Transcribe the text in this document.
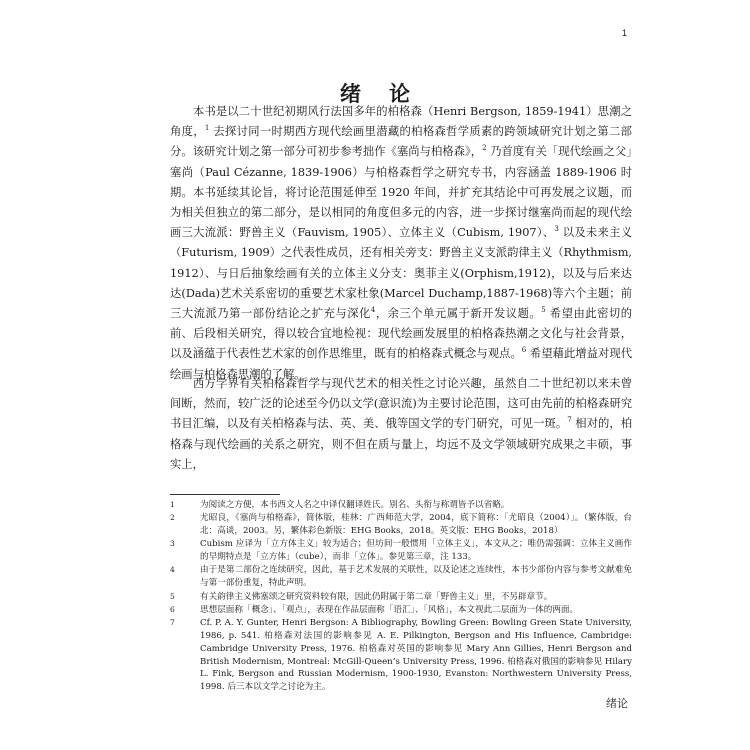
1
绪论

本书是以二十世纪初期风行法国多年的柏格森（Henri Bergson, 1859-1941）思潮之角度，$^1$ 去探讨同一时期西方现代绘画里潜藏的柏格森哲学质素的跨领域研究计划之第二部分。该研究计划之第一部分可初步参考拙作《塞尚与柏格森》，$^2$ 乃首度有关「现代绘画之父」塞尚（Paul Cézanne, 1839-1906）与柏格森哲学之研究专书，内容涵盖 1889-1906 时期。本书延续其论旨，将讨论范围延伸至 1920 年间，并扩充其结论中可再发展之议题，而为相关但独立的第二部分，是以相同的角度但多元的内容，进一步探讨继塞尚而起的现代绘画三大流派：野兽主义（Fauvism, 1905）、立体主义（Cubism, 1907）、$^3$ 以及未来主义（Futurism, 1909）之代表性成员，还有相关旁支：野兽主义支派韵律主义（Rhythmism, 1912）、与日后抽象绘画有关的立体主义分支：奥菲主义(Orphism,1912)，以及与后来达达(Dada)艺术关系密切的重要艺术家杜象(Marcel Duchamp,1887-1968)等六个主题；前三大流派乃第一部份结论之扩充与深化$^4$，余三个单元属于新开发议题。$^5$ 希望由此密切的前、后段相关研究，得以较合宜地检视：现代绘画发展里的柏格森热潮之文化与社会背景，以及涵蕴于代表性艺术家的创作思维里，既有的柏格森式概念与观点。$^6$ 希望藉此增益对现代绘画与柏格森思潮的了解。

西方学界有关柏格森哲学与现代艺术的相关性之讨论兴趣，虽然自二十世纪初以来未曾间断，然而，较广泛的论述至今仍以文学(意识流)为主要讨论范围，这可由先前的柏格森研究书目汇编，以及有关柏格森与法、英、美、俄等国文学的专门研究，可见一斑。$^7$ 相对的，柏格森与现代绘画的关系之研究，则不但在质与量上，均远不及文学领域研究成果之丰硕，事实上，

1	为阅读之方便，本书西文人名之中译仅翻译姓氏。别名、头衔与称谓皆予以省略。
2	尤昭良，《塞尚与柏格森》，简体版，桂林：广西师范大学，2004，底下简称：「尤昭良（2004）」。（繁体版，台北：高谈，2003。另，繁体彩色新版：EHG Books，2018。英文版：EHG Books，2018）
3	Cubism 应译为「立方体主义」较为适合；但坊间一般惯用「立体主义」，本文从之；唯仍需强调：立体主义画作的早期特点是「立方体」（cube），而非「立体」。参见第三章，注 133。
4	由于是第二部份之连续研究，因此，基于艺术发展的关联性，以及论述之连续性，本书少部份内容与参考文献难免与第一部份重复，特此声明。
5	有关韵律主义佛塞颂之研究资料较有限，因此仍附属于第二章「野兽主义」里，不另辟章节。
6	思想层面称「概念」、「观点」，表现在作品层面称「语汇」、「风格」，本文视此二层面为一体的两面。
7	Cf. P. A. Y. Gunter, Henri Bergson: A Bibliography, Bowling Green: Bowling Green State University, 1986, p. 541. 柏格森对法国的影响参见 A. E. Pilkington, Bergson and His Influence, Cambridge: Cambridge University Press, 1976. 柏格森对英国的影响参见 Mary Ann Gillies, Henri Bergson and British Modernism, Montreal: McGill-Queen’s University Press, 1996. 柏格森对俄国的影响参见 Hilary L. Fink, Bergson and Russian Modernism, 1900-1930, Evanston: Northwestern University Press, 1998. 后三本以文学之讨论为主。
绪论
